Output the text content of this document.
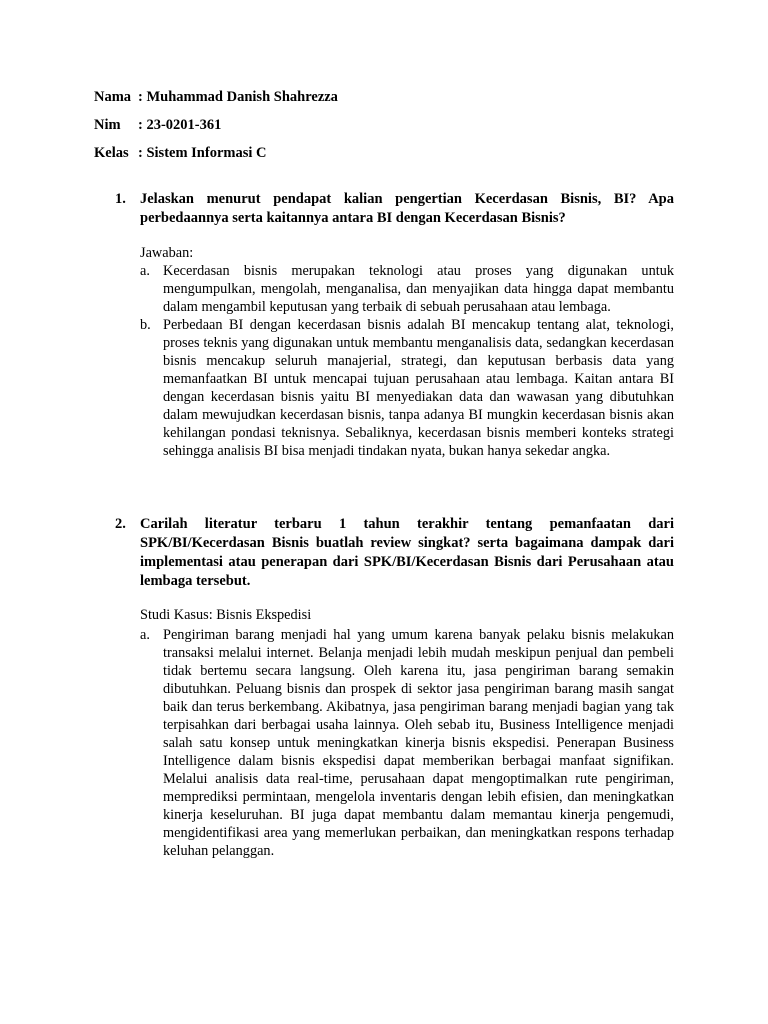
Nama : Muhammad Danish Shahrezza
Nim : 23-0201-361
Kelas : Sistem Informasi C
1. Jelaskan menurut pendapat kalian pengertian Kecerdasan Bisnis, BI? Apa perbedaannya serta kaitannya antara BI dengan Kecerdasan Bisnis?
Jawaban:
a. Kecerdasan bisnis merupakan teknologi atau proses yang digunakan untuk mengumpulkan, mengolah, menganalisa, dan menyajikan data hingga dapat membantu dalam mengambil keputusan yang terbaik di sebuah perusahaan atau lembaga.
b. Perbedaan BI dengan kecerdasan bisnis adalah BI mencakup tentang alat, teknologi, proses teknis yang digunakan untuk membantu menganalisis data, sedangkan kecerdasan bisnis mencakup seluruh manajerial, strategi, dan keputusan berbasis data yang memanfaatkan BI untuk mencapai tujuan perusahaan atau lembaga. Kaitan antara BI dengan kecerdasan bisnis yaitu BI menyediakan data dan wawasan yang dibutuhkan dalam mewujudkan kecerdasan bisnis, tanpa adanya BI mungkin kecerdasan bisnis akan kehilangan pondasi teknisnya. Sebaliknya, kecerdasan bisnis memberi konteks strategi sehingga analisis BI bisa menjadi tindakan nyata, bukan hanya sekedar angka.
2. Carilah literatur terbaru 1 tahun terakhir tentang pemanfaatan dari SPK/BI/Kecerdasan Bisnis buatlah review singkat? serta bagaimana dampak dari implementasi atau penerapan dari SPK/BI/Kecerdasan Bisnis dari Perusahaan atau lembaga tersebut.
Studi Kasus: Bisnis Ekspedisi
a. Pengiriman barang menjadi hal yang umum karena banyak pelaku bisnis melakukan transaksi melalui internet. Belanja menjadi lebih mudah meskipun penjual dan pembeli tidak bertemu secara langsung. Oleh karena itu, jasa pengiriman barang semakin dibutuhkan. Peluang bisnis dan prospek di sektor jasa pengiriman barang masih sangat baik dan terus berkembang. Akibatnya, jasa pengiriman barang menjadi bagian yang tak terpisahkan dari berbagai usaha lainnya. Oleh sebab itu, Business Intelligence menjadi salah satu konsep untuk meningkatkan kinerja bisnis ekspedisi. Penerapan Business Intelligence dalam bisnis ekspedisi dapat memberikan berbagai manfaat signifikan. Melalui analisis data real-time, perusahaan dapat mengoptimalkan rute pengiriman, memprediksi permintaan, mengelola inventaris dengan lebih efisien, dan meningkatkan kinerja keseluruhan. BI juga dapat membantu dalam memantau kinerja pengemudi, mengidentifikasi area yang memerlukan perbaikan, dan meningkatkan respons terhadap keluhan pelanggan.
